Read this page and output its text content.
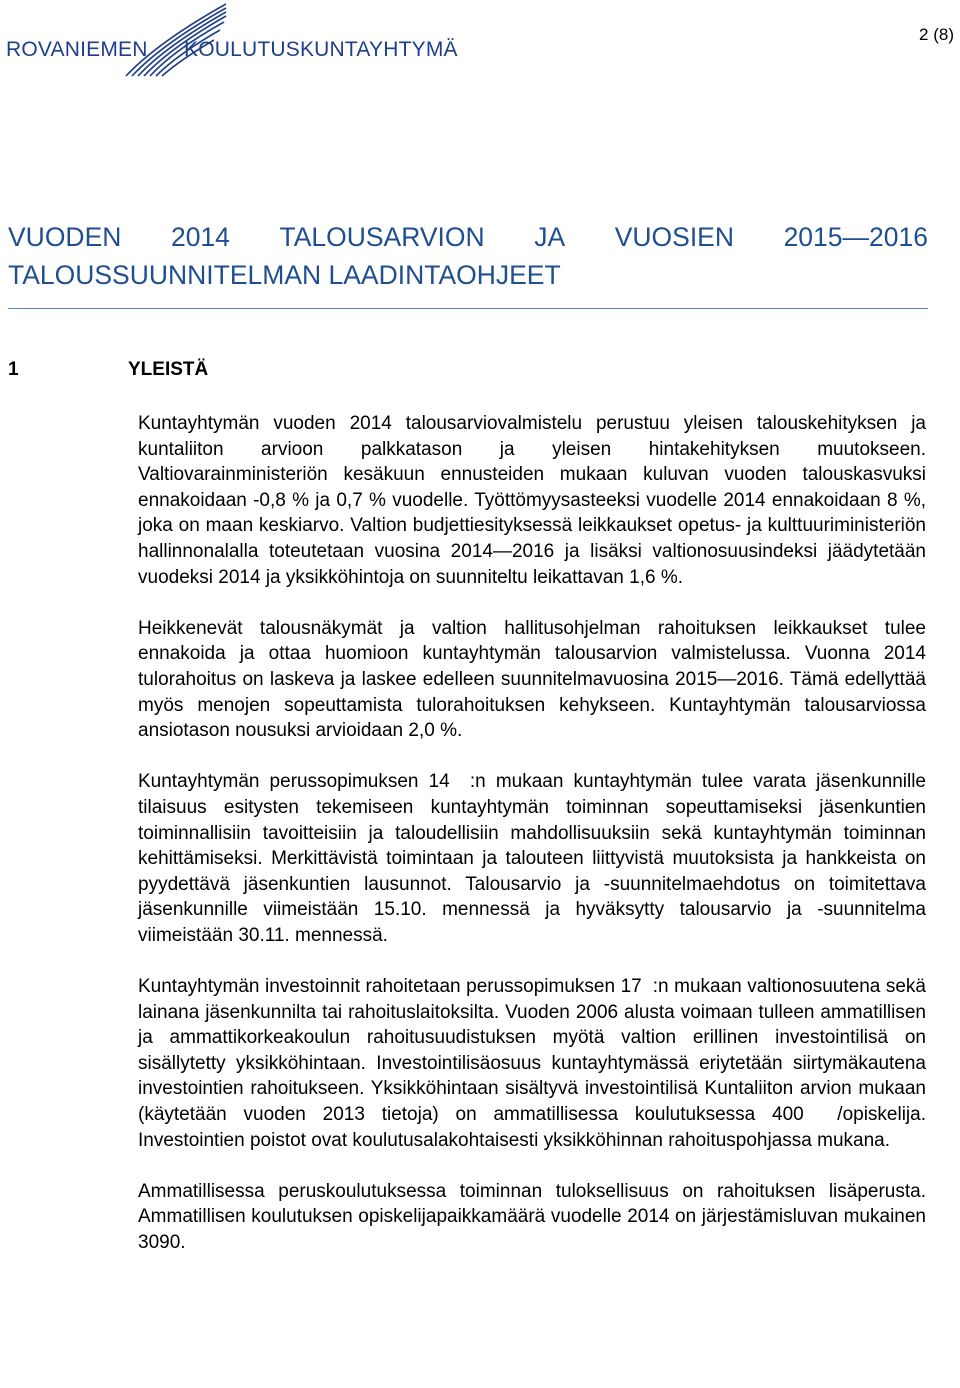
ROVANIEMEN KOULUTUSKUNTAYHTYMÄ
2 (8)
VUODEN 2014 TALOUSARVION JA VUOSIEN 2015—2016
TALOUSSUUNNITELMAN LAADINTAOHJEET
1	YLEISTÄ

Kuntayhtymän vuoden 2014 talousarviovalmistelu perustuu yleisen talouskehityksen ja kuntaliiton arvioon palkkatason ja yleisen hintakehityksen muutokseen. Valtiovarainministeriön kesäkuun ennusteiden mukaan kuluvan vuoden talouskasvuksi ennakoidaan -0,8 % ja 0,7 % vuodelle. Työttömyysasteeksi vuodelle 2014 ennakoidaan 8 %, joka on maan keskiarvo. Valtion budjettiesityksessä leikkaukset opetus- ja kulttuuriministeriön hallinnonalalla toteutetaan vuosina 2014—2016 ja lisäksi valtionosuusindeksi jäädytetään vuodeksi 2014 ja yksikköhintoja on suunniteltu leikattavan 1,6 %.

Heikkenevät talousnäkymät ja valtion hallitusohjelman rahoituksen leikkaukset tulee ennakoida ja ottaa huomioon kuntayhtymän talousarvion valmistelussa. Vuonna 2014 tulorahoitus on laskeva ja laskee edelleen suunnitelmavuosina 2015—2016. Tämä edellyttää myös menojen sopeuttamista tulorahoituksen kehykseen. Kuntayhtymän talousarviossa ansiotason nousuksi arvioidaan 2,0 %.

Kuntayhtymän perussopimuksen 14  :n mukaan kuntayhtymän tulee varata jäsenkunnille tilaisuus esitysten tekemiseen kuntayhtymän toiminnan sopeuttamiseksi jäsenkuntien toiminnallisiin tavoitteisiin ja taloudellisiin mahdollisuuksiin sekä kuntayhtymän toiminnan kehittämiseksi. Merkittävistä toimintaan ja talouteen liittyvistä muutoksista ja hankkeista on pyydettävä jäsenkuntien lausunnot. Talousarvio ja -suunnitelmaehdotus on toimitettava jäsenkunnille viimeistään 15.10. mennessä ja hyväksytty talousarvio ja -suunnitelma viimeistään 30.11. mennessä.

Kuntayhtymän investoinnit rahoitetaan perussopimuksen 17  :n mukaan valtionosuutena sekä lainana jäsenkunnilta tai rahoituslaitoksilta. Vuoden 2006 alusta voimaan tulleen ammatillisen ja ammattikorkeakoulun rahoitusuudistuksen myötä valtion erillinen investointilisä on sisällytetty yksikköhintaan. Investointilisäosuus kuntayhtymässä eriytetään siirtymäkautena investointien rahoitukseen. Yksikköhintaan sisältyvä investointilisä Kuntaliiton arvion mukaan (käytetään vuoden 2013 tietoja) on ammatillisessa koulutuksessa 400  /opiskelija. Investointien poistot ovat koulutusalakohtaisesti yksikköhinnan rahoituspohjassa mukana.

Ammatillisessa peruskoulutuksessa toiminnan tuloksellisuus on rahoituksen lisäperusta. Ammatillisen koulutuksen opiskelijapaikkamäärä vuodelle 2014 on järjestämisluvan mukainen 3090.
